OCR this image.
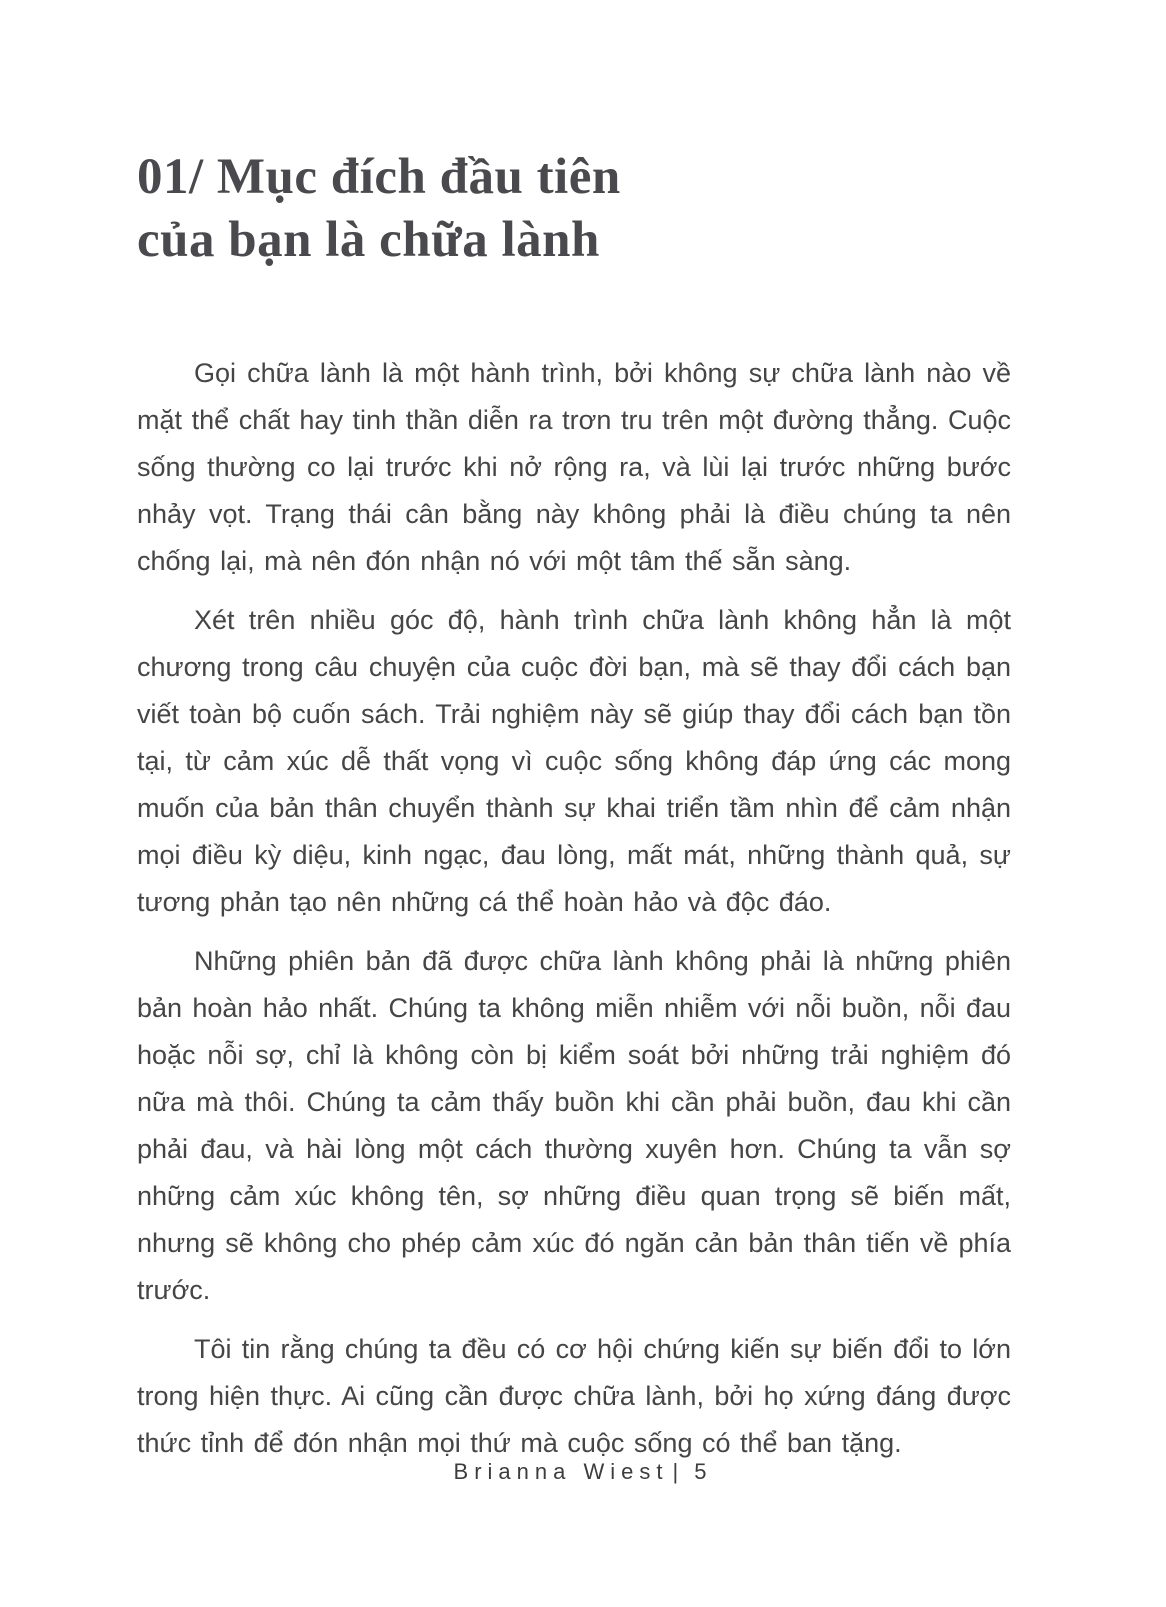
01/ Mục đích đầu tiên
của bạn là chữa lành

Gọi chữa lành là một hành trình, bởi không sự chữa lành nào về mặt thể chất hay tinh thần diễn ra trơn tru trên một đường thẳng. Cuộc sống thường co lại trước khi nở rộng ra, và lùi lại trước những bước nhảy vọt. Trạng thái cân bằng này không phải là điều chúng ta nên chống lại, mà nên đón nhận nó với một tâm thế sẵn sàng.

Xét trên nhiều góc độ, hành trình chữa lành không hẳn là một chương trong câu chuyện của cuộc đời bạn, mà sẽ thay đổi cách bạn viết toàn bộ cuốn sách. Trải nghiệm này sẽ giúp thay đổi cách bạn tồn tại, từ cảm xúc dễ thất vọng vì cuộc sống không đáp ứng các mong muốn của bản thân chuyển thành sự khai triển tầm nhìn để cảm nhận mọi điều kỳ diệu, kinh ngạc, đau lòng, mất mát, những thành quả, sự tương phản tạo nên những cá thể hoàn hảo và độc đáo.

Những phiên bản đã được chữa lành không phải là những phiên bản hoàn hảo nhất. Chúng ta không miễn nhiễm với nỗi buồn, nỗi đau hoặc nỗi sợ, chỉ là không còn bị kiểm soát bởi những trải nghiệm đó nữa mà thôi. Chúng ta cảm thấy buồn khi cần phải buồn, đau khi cần phải đau, và hài lòng một cách thường xuyên hơn. Chúng ta vẫn sợ những cảm xúc không tên, sợ những điều quan trọng sẽ biến mất, nhưng sẽ không cho phép cảm xúc đó ngăn cản bản thân tiến về phía trước.

Tôi tin rằng chúng ta đều có cơ hội chứng kiến sự biến đổi to lớn trong hiện thực. Ai cũng cần được chữa lành, bởi họ xứng đáng được thức tỉnh để đón nhận mọi thứ mà cuộc sống có thể ban tặng.

Brianna Wiest | 5
